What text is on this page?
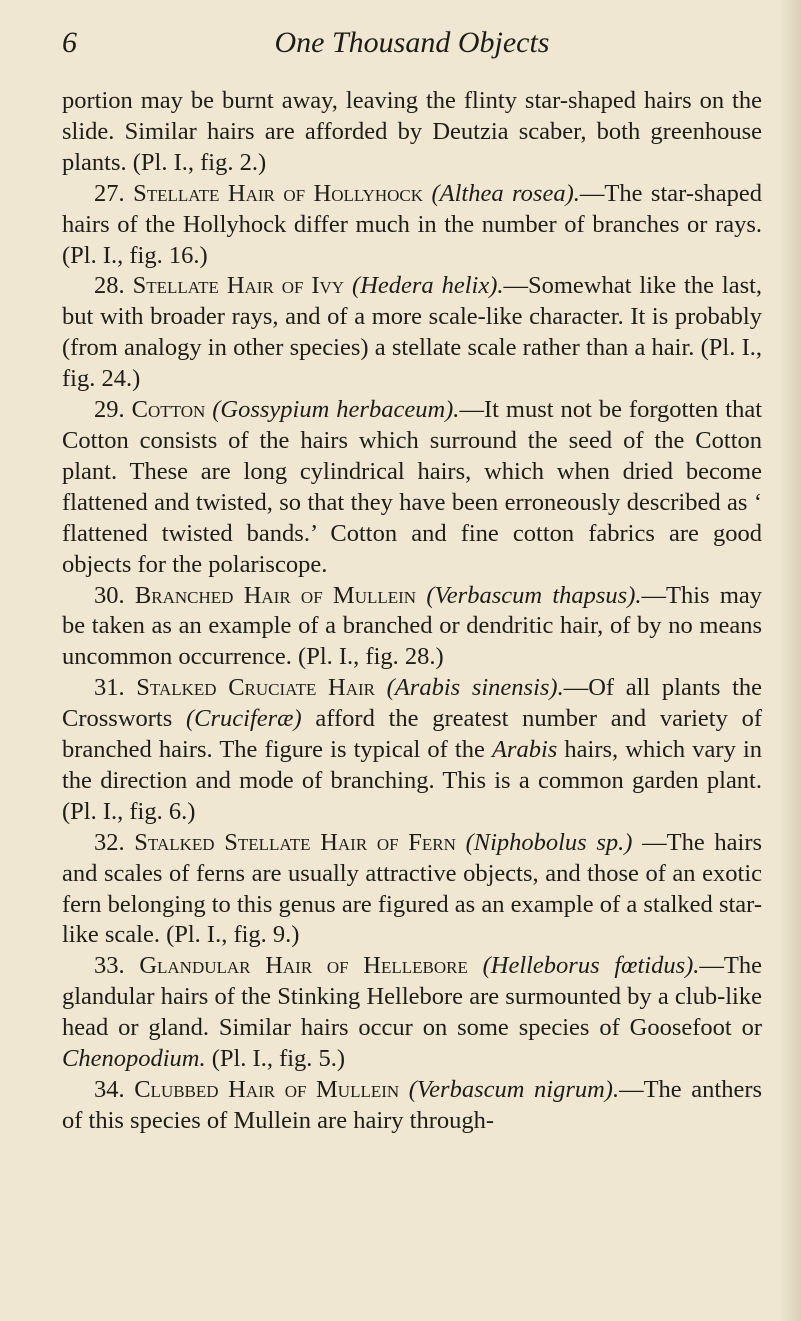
6	One Thousand Objects

portion may be burnt away, leaving the flinty star-shaped hairs on the slide. Similar hairs are afforded by Deutzia scaber, both greenhouse plants. (Pl. I., fig. 2.)

27. Stellate Hair of Hollyhock (Althea rosea).—The star-shaped hairs of the Hollyhock differ much in the number of branches or rays. (Pl. I., fig. 16.)

28. Stellate Hair of Ivy (Hedera helix).—Somewhat like the last, but with broader rays, and of a more scale-like character. It is probably (from analogy in other species) a stellate scale rather than a hair. (Pl. I., fig. 24.)

29. Cotton (Gossypium herbaceum).—It must not be forgotten that Cotton consists of the hairs which surround the seed of the Cotton plant. These are long cylindrical hairs, which when dried become flattened and twisted, so that they have been erroneously described as ‘ flattened twisted bands.’ Cotton and fine cotton fabrics are good objects for the polariscope.

30. Branched Hair of Mullein (Verbascum thapsus).—This may be taken as an example of a branched or dendritic hair, of by no means uncommon occurrence. (Pl. I., fig. 28.)

31. Stalked Cruciate Hair (Arabis sinensis).—Of all plants the Crossworts (Cruciferæ) afford the greatest number and variety of branched hairs. The figure is typical of the Arabis hairs, which vary in the direction and mode of branching. This is a common garden plant. (Pl. I., fig. 6.)

32. Stalked Stellate Hair of Fern (Niphobolus sp.) —The hairs and scales of ferns are usually attractive objects, and those of an exotic fern belonging to this genus are figured as an example of a stalked star-like scale. (Pl. I., fig. 9.)

33. Glandular Hair of Hellebore (Helleborus fœtidus).—The glandular hairs of the Stinking Hellebore are surmounted by a club-like head or gland. Similar hairs occur on some species of Goosefoot or Chenopodium. (Pl. I., fig. 5.)

34. Clubbed Hair of Mullein (Verbascum nigrum).—The anthers of this species of Mullein are hairy through-
